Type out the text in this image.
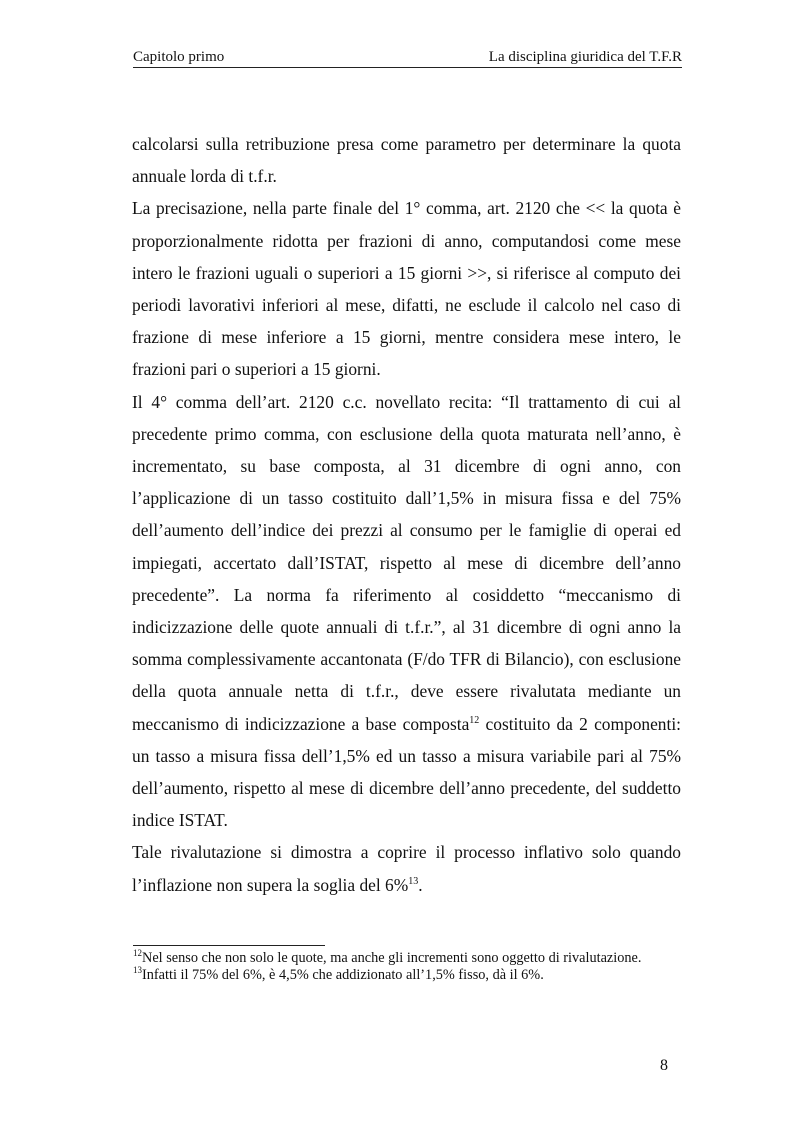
Capitolo primo	La disciplina giuridica del T.F.R

calcolarsi sulla retribuzione presa come parametro per determinare la quota annuale lorda di t.f.r.

La precisazione, nella parte finale del 1° comma, art. 2120 che << la quota è proporzionalmente ridotta per frazioni di anno, computandosi come mese intero le frazioni uguali o superiori a 15 giorni >>, si riferisce al computo dei periodi lavorativi inferiori al mese, difatti, ne esclude il calcolo nel caso di frazione di mese inferiore a 15 giorni, mentre considera mese intero, le frazioni pari o superiori a 15 giorni.

Il 4° comma dell’art. 2120 c.c. novellato recita: “Il trattamento di cui al precedente primo comma, con esclusione della quota maturata nell’anno, è incrementato, su base composta, al 31 dicembre di ogni anno, con l’applicazione di un tasso costituito dall’1,5% in misura fissa e del 75% dell’aumento dell’indice dei prezzi al consumo per le famiglie di operai ed impiegati, accertato dall’ISTAT, rispetto al mese di dicembre dell’anno precedente”. La norma fa riferimento al cosiddetto “meccanismo di indicizzazione delle quote annuali di t.f.r.”, al 31 dicembre di ogni anno la somma complessivamente accantonata (F/do TFR di Bilancio), con esclusione della quota annuale netta di t.f.r., deve essere rivalutata mediante un meccanismo di indicizzazione a base composta$^{12}$ costituito da 2 componenti: un tasso a misura fissa dell’1,5% ed un tasso a misura variabile pari al 75% dell’aumento, rispetto al mese di dicembre dell’anno precedente, del suddetto indice ISTAT.

Tale rivalutazione si dimostra a coprire il processo inflativo solo quando l’inflazione non supera la soglia del 6%$^{13}$.

$^{12}$Nel senso che non solo le quote, ma anche gli incrementi sono oggetto di rivalutazione.

$^{13}$Infatti il 75% del 6%, è 4,5% che addizionato all’1,5% fisso, dà il 6%.

8
